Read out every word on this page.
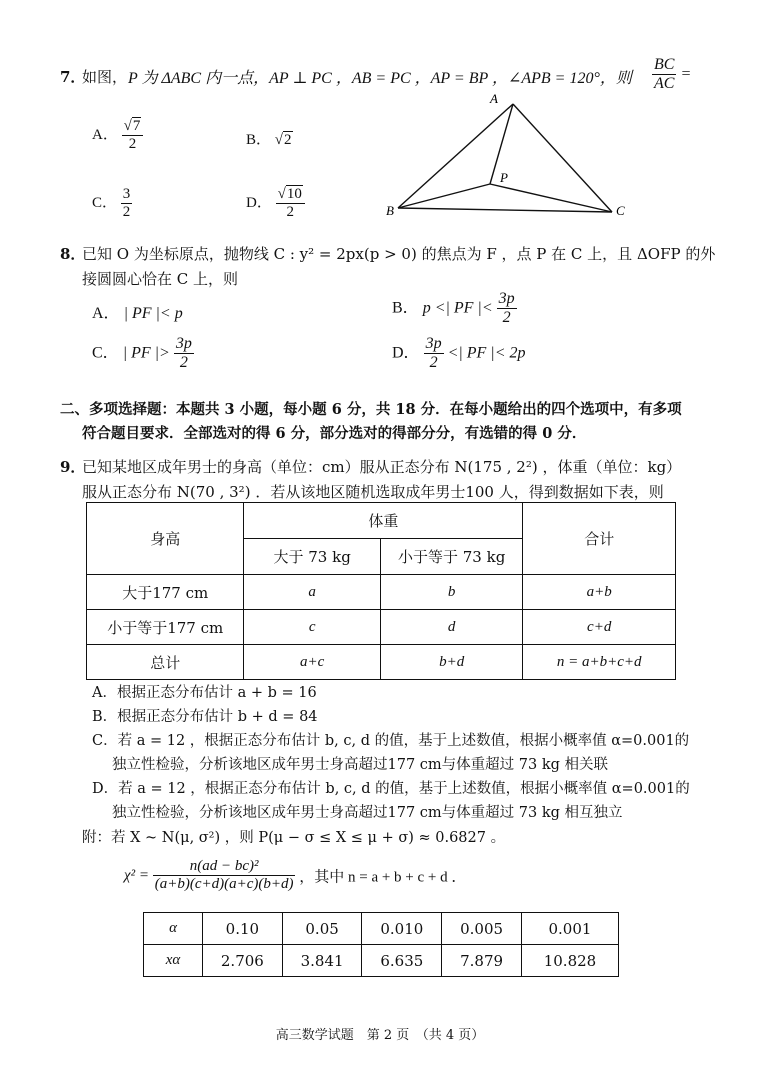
7．
如图， P 为 ΔABC 内一点，AP ⊥ PC ，AB = PC ，AP = BP ，∠APB = 120°，则 $\frac{BC}{AC}$ =
A． $\frac{√7}{2}$	B． √2
C． $\frac{3}{2}$	D． $\frac{√10}{2}$
A
B	C
P
8．
已知 O 为坐标原点，抛物线 C : y² = 2px(p > 0) 的焦点为 F ，点 P 在 C 上，且 ΔOFP 的外
接圆圆心恰在 C 上，则
A． | PF |< p	B． p <| PF |< $\frac{3p}{2}$
C． | PF |> $\frac{3p}{2}$	D． $\frac{3p}{2}$ <| PF |< 2p
二、多项选择题：本题共 3 小题，每小题 6 分，共 18 分．在每小题给出的四个选项中，有多项
符合题目要求．全部选对的得 6 分，部分选对的得部分分，有选错的得 0 分．
9．
已知某地区成年男士的身高（单位：cm）服从正态分布 N(175 , 2²) ，体重（单位：kg）
服从正态分布 N(70 , 3²) ．若从该地区随机选取成年男士100 人，得到数据如下表，则
身高	体重		合计
	大于 73 kg	小于等于 73 kg	
大于177 cm	a	b	a+b
小于等于177 cm	c	d	c+d
总计	a+c	b+d	n = a+b+c+d
A．根据正态分布估计 a + b = 16
B．根据正态分布估计 b + d = 84
C．若 a = 12 ，根据正态分布估计 b, c, d 的值，基于上述数值，根据小概率值 α=0.001的
独立性检验，分析该地区成年男士身高超过177 cm与体重超过 73 kg 相关联
D．若 a = 12 ，根据正态分布估计 b, c, d 的值，基于上述数值，根据小概率值 α=0.001的
独立性检验，分析该地区成年男士身高超过177 cm与体重超过 73 kg 相互独立
附：若 X ~ N(μ, σ²) ，则 P(μ − σ ≤ X ≤ μ + σ) ≈ 0.6827 。
$\chi^2 = \frac{\text{n(ad − bc)²}}{(a+b)(c+d)(a+c)(b+d)}$ ，其中 n = a + b + c + d ．
α	0.10	0.05	0.010	0.005	0.001
xα	2.706	3.841	6.635	7.879	10.828
高三数学试题　第 2 页　（共 4 页）
